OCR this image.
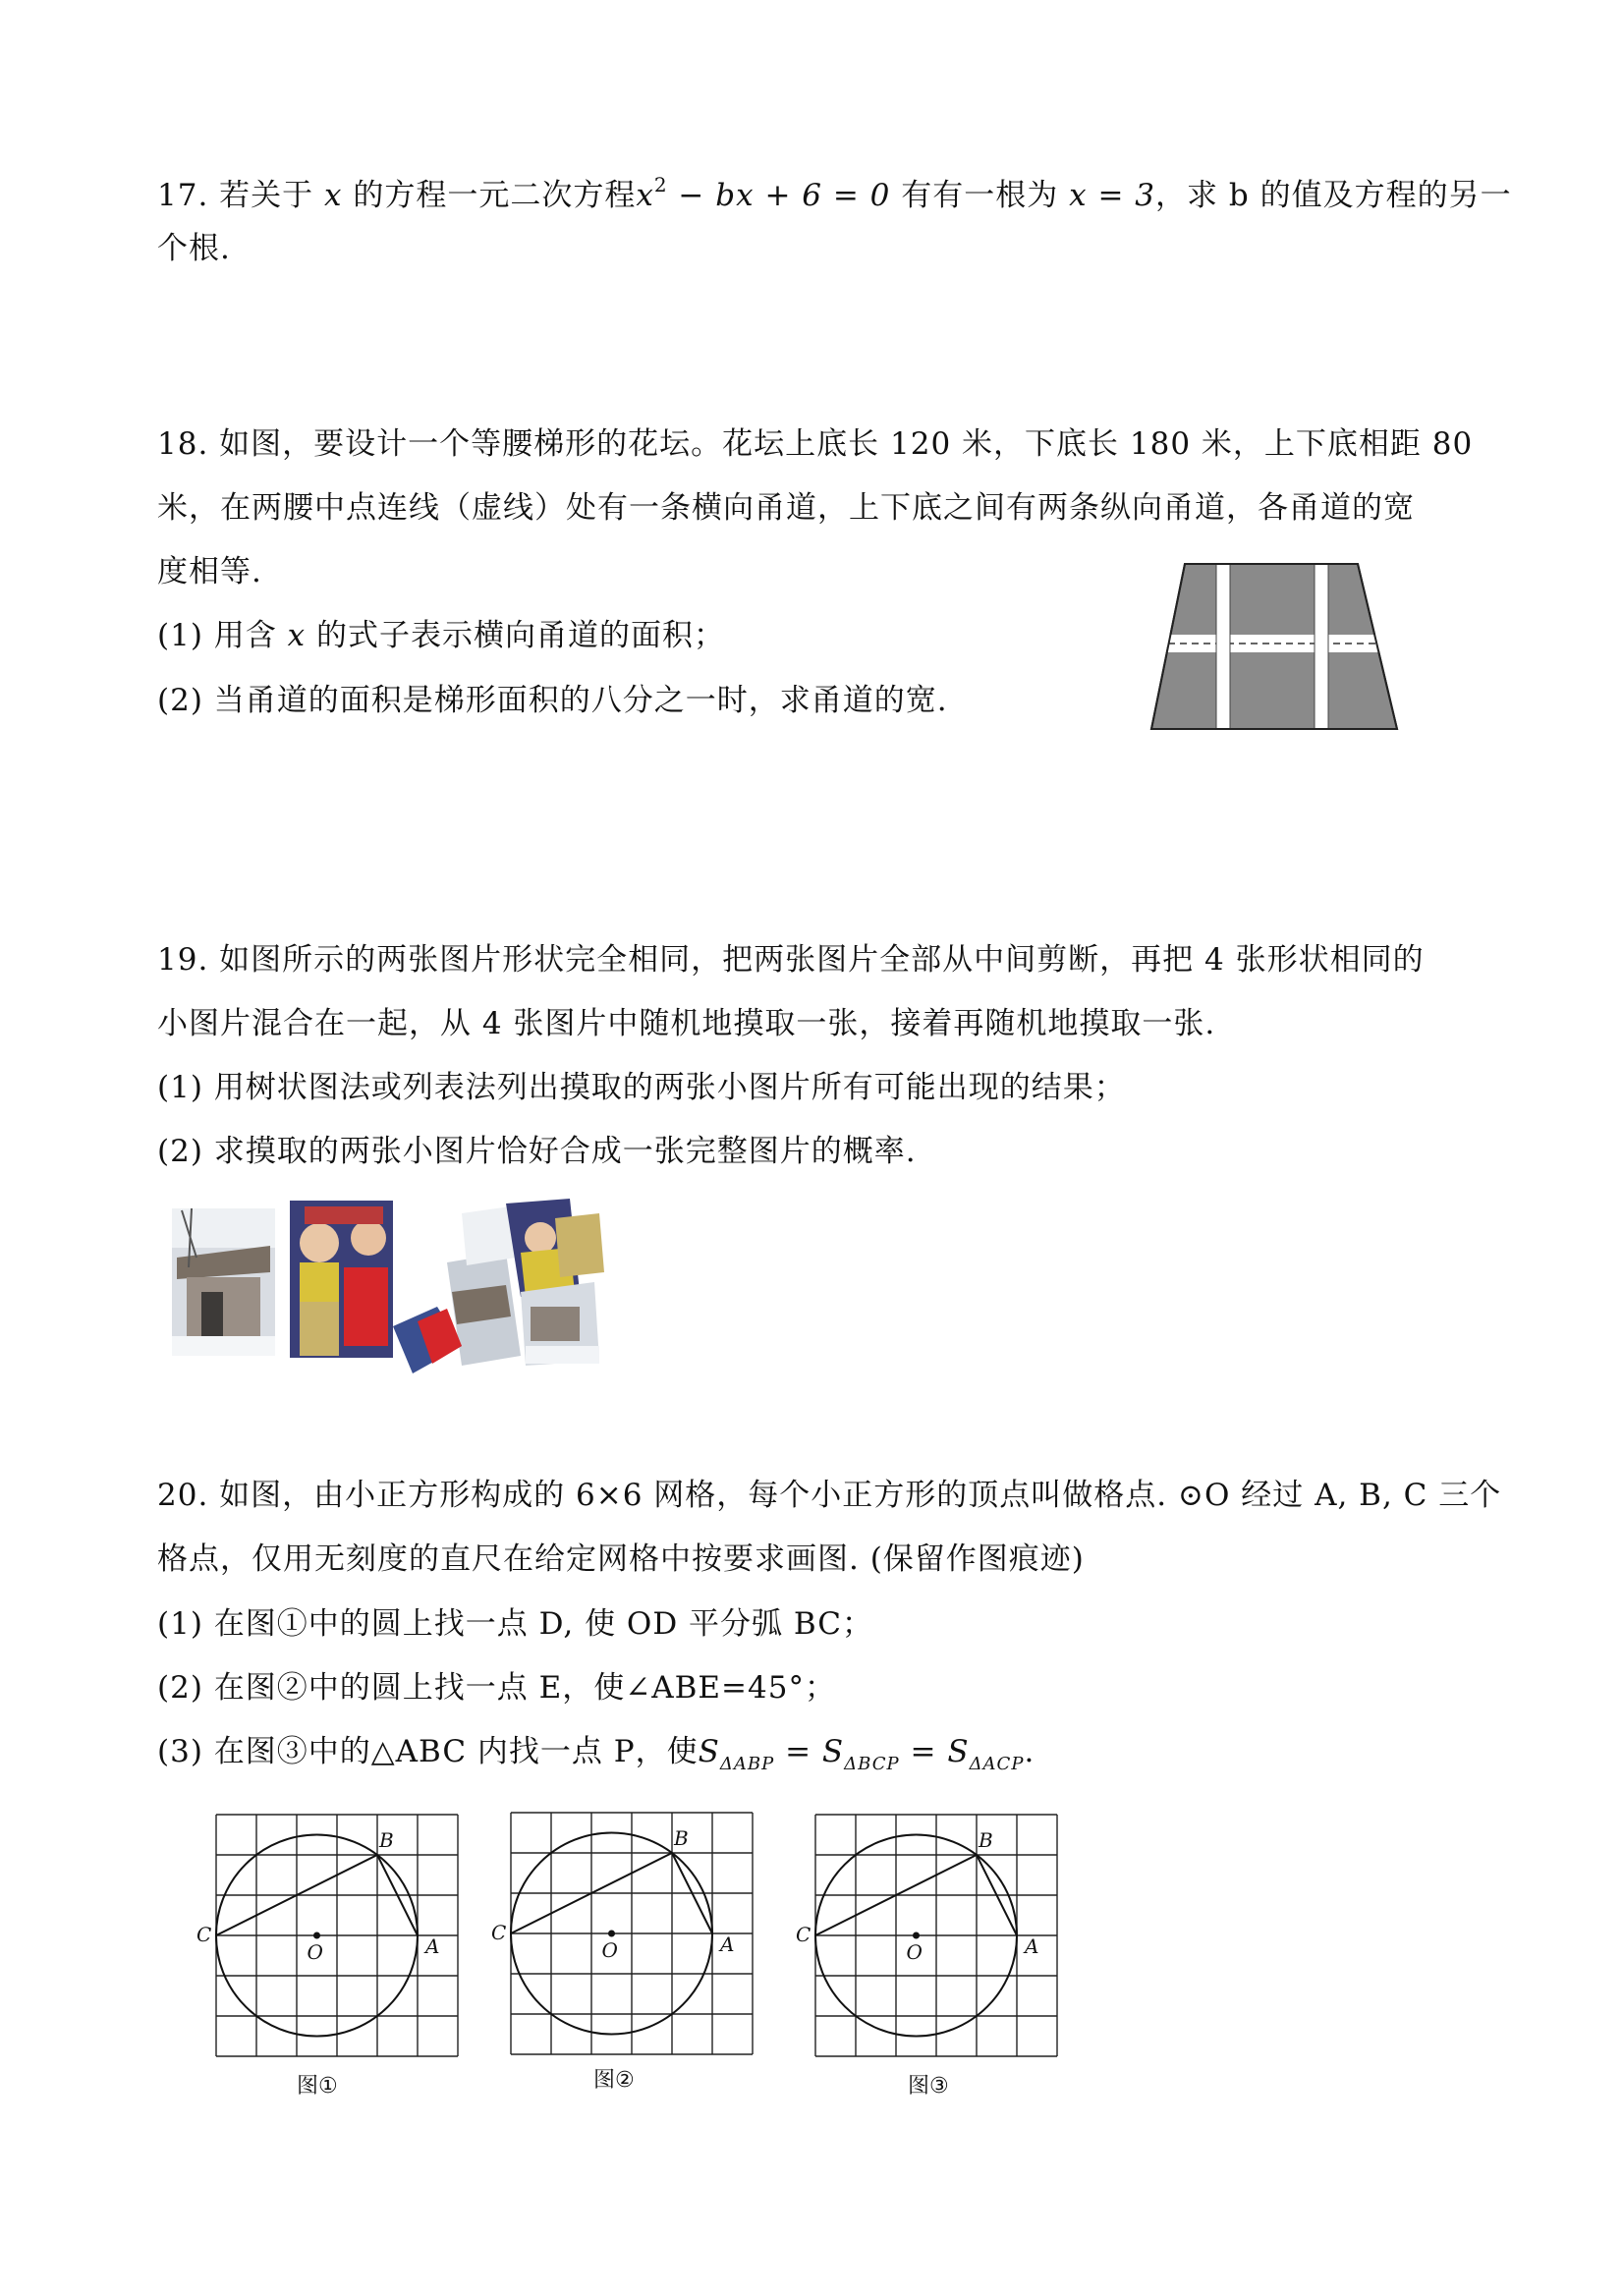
17. 若关于 x 的方程一元二次方程$x^2$ − bx + 6 = 0 有有一根为 x = 3，求 b 的值及方程的另一
个根.
18. 如图，要设计一个等腰梯形的花坛。花坛上底长 120 米，下底长 180 米，上下底相距 80
米，在两腰中点连线（虚线）处有一条横向甬道，上下底之间有两条纵向甬道，各甬道的宽
度相等.
(1) 用含 x 的式子表示横向甬道的面积；
(2) 当甬道的面积是梯形面积的八分之一时，求甬道的宽.
19. 如图所示的两张图片形状完全相同，把两张图片全部从中间剪断，再把 4 张形状相同的
小图片混合在一起，从 4 张图片中随机地摸取一张，接着再随机地摸取一张.
(1) 用树状图法或列表法列出摸取的两张小图片所有可能出现的结果；
(2) 求摸取的两张小图片恰好合成一张完整图片的概率.
20. 如图，由小正方形构成的 6×6 网格，每个小正方形的顶点叫做格点. ⊙O 经过 A, B, C 三个
格点，仅用无刻度的直尺在给定网格中按要求画图. (保留作图痕迹)
(1) 在图①中的圆上找一点 D, 使 OD 平分弧 BC；
(2) 在图②中的圆上找一点 E，使∠ABE=45°；
(3) 在图③中的△ABC 内找一点 P，使$S_{\Delta ABP} = S_{\Delta BCP} = S_{\Delta ACP}$.
A
B
C
O	A
B
C
O	A
B
C
O
图①	图②	图③
